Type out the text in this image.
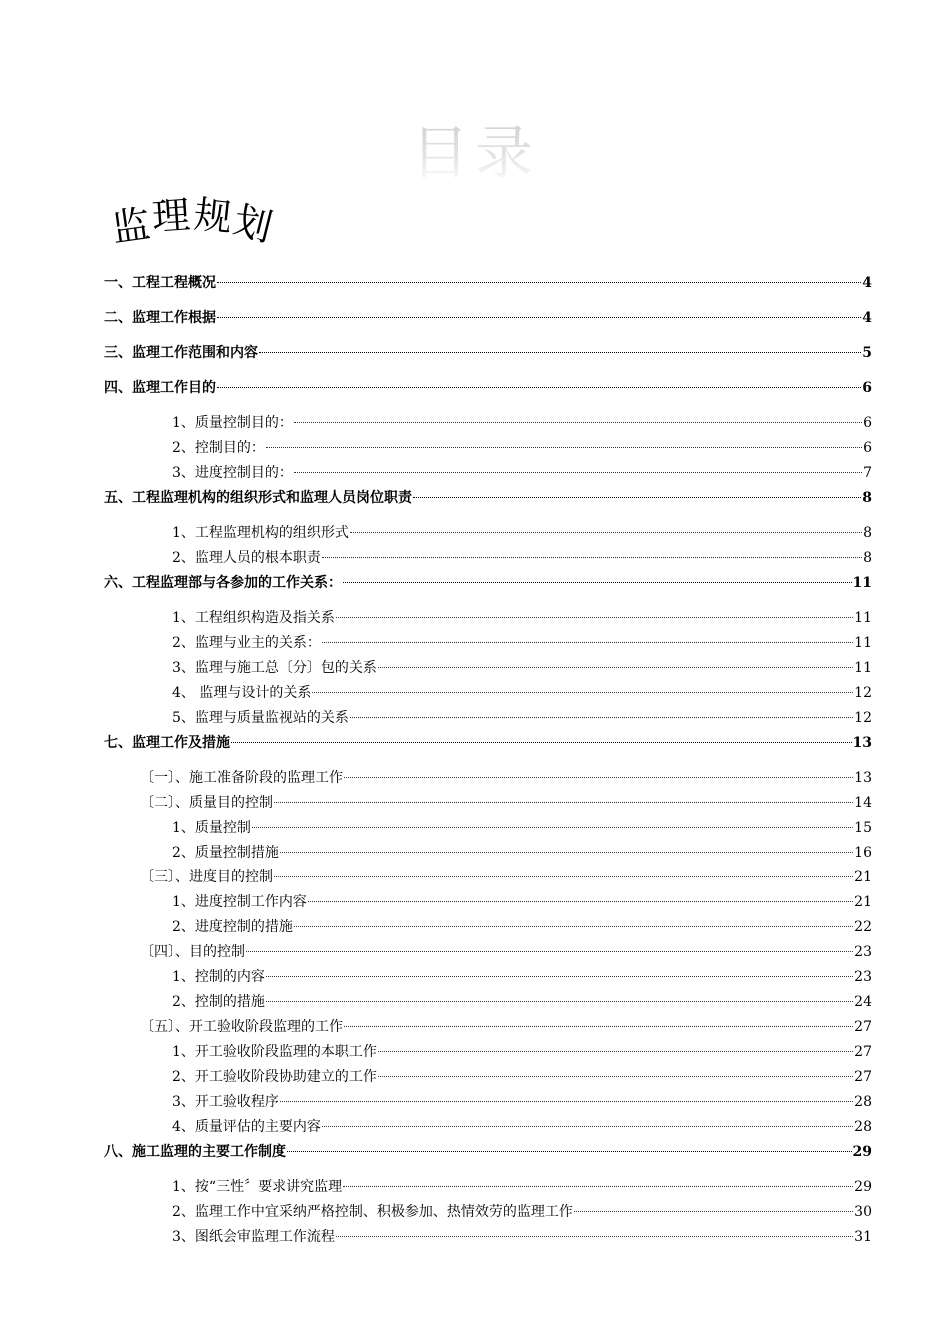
目录
监
理 规
划
一、工程工程概况	4
二、监理工作根据	4
三、监理工作范围和内容	5
四、监理工作目的	6
1、质量控制目的：	6
2、控制目的：	6
3、进度控制目的：	7
五、工程监理机构的组织形式和监理人员岗位职责	8
1、工程监理机构的组织形式	8
2、监理人员的根本职责	8
六、工程监理部与各参加的工作关系：	11
1、工程组织构造及指关系	11
2、监理与业主的关系：	11
3、监理与施工总〔分〕包的关系	11
4、 监理与设计的关系	12
5、监理与质量监视站的关系	12
七、监理工作及措施	13
〔一〕、施工准备阶段的监理工作	13
〔二〕、质量目的控制	14
1、质量控制	15
2、质量控制措施	16
〔三〕、进度目的控制	21
1、进度控制工作内容	21
2、进度控制的措施	22
〔四〕、目的控制	23
1、控制的内容	23
2、控制的措施	24
〔五〕、开工验收阶段监理的工作	27
1、开工验收阶段监理的本职工作	27
2、开工验收阶段协助建立的工作	27
3、开工验收程序	28
4、质量评估的主要内容	28
八、施工监理的主要工作制度	29
1、按“三性〞要求讲究监理	29
2、监理工作中宜采纳严格控制、积极参加、热情效劳的监理工作	30
3、图纸会审监理工作流程	31
